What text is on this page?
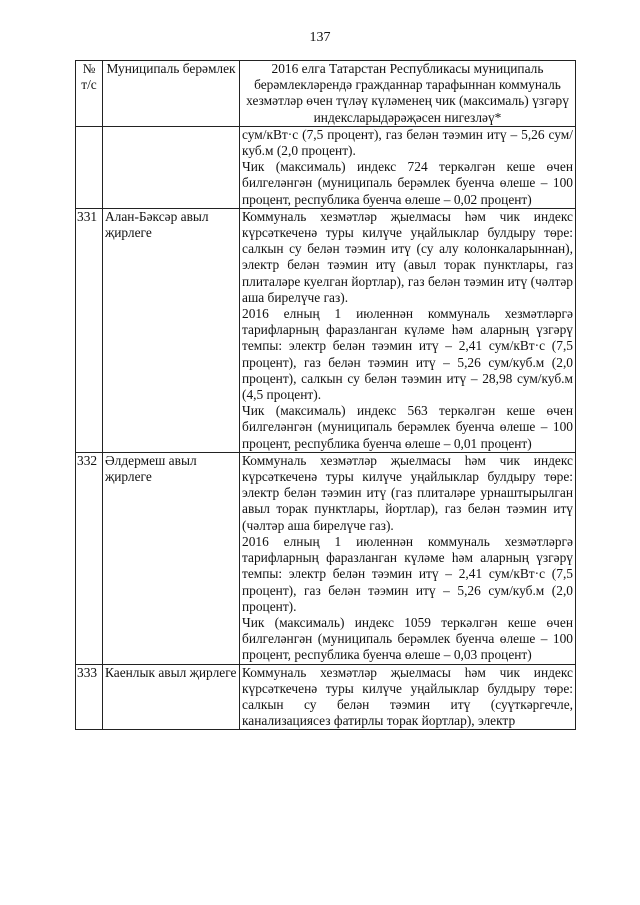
137
№ т/с	Муниципаль берәмлек	2016 елга Татарстан Республикасы муниципаль берәмлекләрендә гражданнар тарафыннан коммуналь хезмәтләр өчен түләү күләменең чик (максималь) үзгәрү индексларыдәрәҗәсен нигезләү*

		сум/кВт·с (7,5 процент), газ белән тәэмин итү – 5,26 сум/куб.м (2,0 процент).

Чик (максималь) индекс 724 теркәлгән кеше өчен билгеләнгән (муниципаль берәмлек буенча өлеше – 100 процент, республика буенча өлеше – 0,02 процент)

331	Алан-Бәксәр авыл җирлеге	Коммуналь хезмәтләр җыелмасы һәм чик индекс күрсәткеченә туры килүче уңайлыклар булдыру төре: салкын су белән тәэмин итү (су алу колонкаларыннан), электр белән тәэмин итү (авыл торак пунктлары, газ плиталәре куелган йортлар), газ белән тәэмин итү (чәлтәр аша бирелүче газ).

2016 елның 1 июленнән коммуналь хезмәтләргә тарифларның фаразланган күләме һәм аларның үзгәрү темпы: электр белән тәэмин итү – 2,41 сум/кВт·с (7,5 процент), газ белән тәэмин итү – 5,26 сум/куб.м (2,0 процент), салкын су белән тәэмин итү – 28,98 сум/куб.м (4,5 процент).

Чик (максималь) индекс 563 теркәлгән кеше өчен билгеләнгән (муниципаль берәмлек буенча өлеше – 100 процент, республика буенча өлеше – 0,01 процент)

332	Әлдермеш авыл җирлеге	Коммуналь хезмәтләр җыелмасы һәм чик индекс күрсәткеченә туры килүче уңайлыклар булдыру төре: электр белән тәэмин итү (газ плиталәре урнаштырылган авыл торак пунктлары, йортлар), газ белән тәэмин итү (чәлтәр аша бирелүче газ).

2016 елның 1 июленнән коммуналь хезмәтләргә тарифларның фаразланган күләме һәм аларның үзгәрү темпы: электр белән тәэмин итү – 2,41 сум/кВт·с (7,5 процент), газ белән тәэмин итү – 5,26 сум/куб.м (2,0 процент).

Чик (максималь) индекс 1059 теркәлгән кеше өчен билгеләнгән (муниципаль берәмлек буенча өлеше – 100 процент, республика буенча өлеше – 0,03 процент)

333	Каенлык авыл җирлеге	Коммуналь хезмәтләр җыелмасы һәм чик индекс күрсәткеченә туры килүче уңайлыклар булдыру төре: салкын су белән тәэмин итү (суүткәргечле, канализациясез фатирлы торак йортлар), электр
